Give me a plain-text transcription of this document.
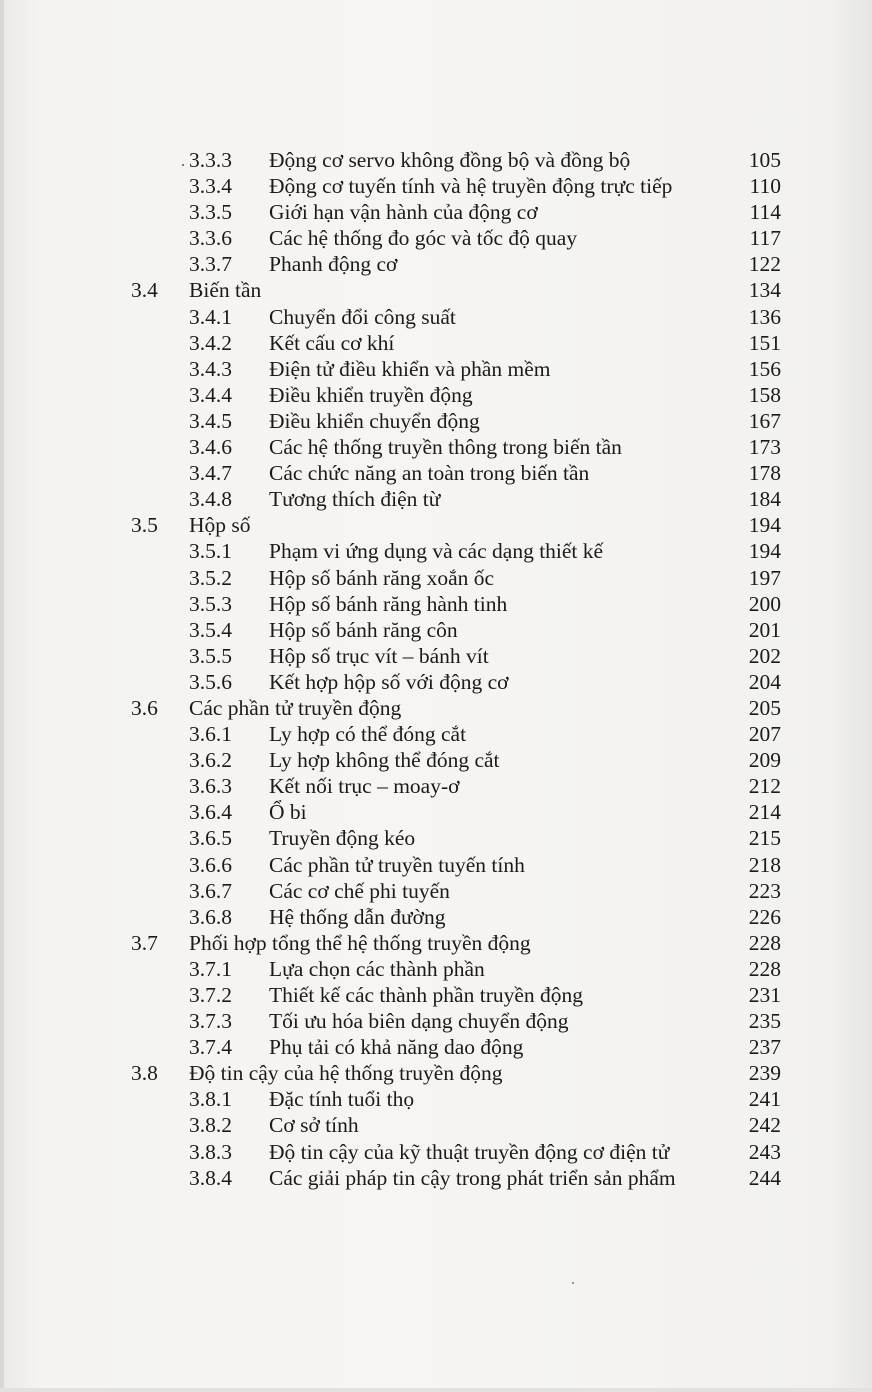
3.3.3 Động cơ servo không đồng bộ và đồng bộ	105
3.3.4 Động cơ tuyến tính và hệ truyền động trực tiếp	110
3.3.5 Giới hạn vận hành của động cơ	114
3.3.6 Các hệ thống đo góc và tốc độ quay	117
3.3.7 Phanh động cơ	122
3.4 Biến tần	134
3.4.1 Chuyển đổi công suất	136
3.4.2 Kết cấu cơ khí	151
3.4.3 Điện tử điều khiển và phần mềm	156
3.4.4 Điều khiển truyền động	158
3.4.5 Điều khiển chuyển động	167
3.4.6 Các hệ thống truyền thông trong biến tần	173
3.4.7 Các chức năng an toàn trong biến tần	178
3.4.8 Tương thích điện từ	184
3.5 Hộp số	194
3.5.1 Phạm vi ứng dụng và các dạng thiết kế	194
3.5.2 Hộp số bánh răng xoắn ốc	197
3.5.3 Hộp số bánh răng hành tinh	200
3.5.4 Hộp số bánh răng côn	201
3.5.5 Hộp số trục vít – bánh vít	202
3.5.6 Kết hợp hộp số với động cơ	204
3.6 Các phần tử truyền động	205
3.6.1 Ly hợp có thể đóng cắt	207
3.6.2 Ly hợp không thể đóng cắt	209
3.6.3 Kết nối trục – moay-ơ	212
3.6.4 Ổ bi	214
3.6.5 Truyền động kéo	215
3.6.6 Các phần tử truyền tuyến tính	218
3.6.7 Các cơ chế phi tuyến	223
3.6.8 Hệ thống dẫn đường	226
3.7 Phối hợp tổng thể hệ thống truyền động	228
3.7.1 Lựa chọn các thành phần	228
3.7.2 Thiết kế các thành phần truyền động	231
3.7.3 Tối ưu hóa biên dạng chuyển động	235
3.7.4 Phụ tải có khả năng dao động	237
3.8 Độ tin cậy của hệ thống truyền động	239
3.8.1 Đặc tính tuổi thọ	241
3.8.2 Cơ sở tính	242
3.8.3 Độ tin cậy của kỹ thuật truyền động cơ điện tử	243
3.8.4 Các giải pháp tin cậy trong phát triển sản phẩm	244
